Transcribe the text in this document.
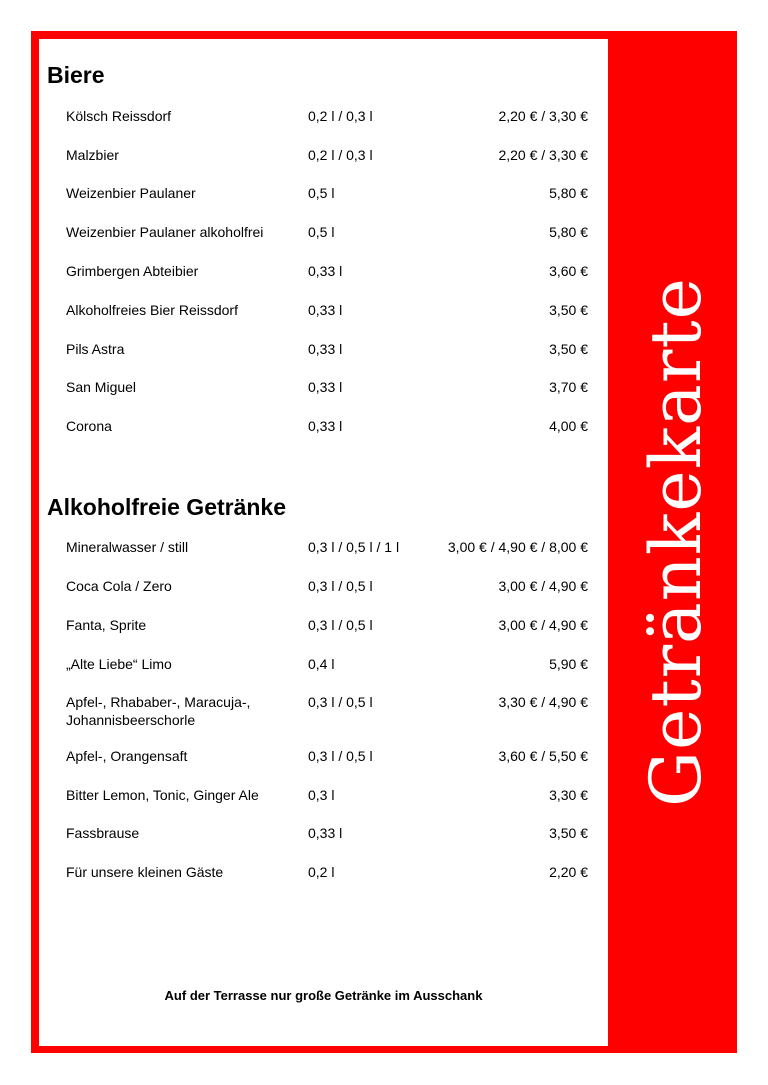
Getränkekarte
Biere
Kölsch Reissdorf	0,2 l / 0,3 l	2,20 € / 3,30 €
Malzbier	0,2 l / 0,3 l	2,20 € / 3,30 €
Weizenbier Paulaner	0,5 l	5,80 €
Weizenbier Paulaner alkoholfrei	0,5 l	5,80 €
Grimbergen Abteibier	0,33 l	3,60 €
Alkoholfreies Bier Reissdorf	0,33 l	3,50 €
Pils Astra	0,33 l	3,50 €
San Miguel	0,33 l	3,70 €
Corona	0,33 l	4,00 €
Alkoholfreie Getränke
Mineralwasser / still	0,3 l / 0,5 l / 1 l	3,00 € / 4,90 € / 8,00 €
Coca Cola / Zero	0,3 l / 0,5 l	3,00 € / 4,90 €
Fanta, Sprite	0,3 l / 0,5 l	3,00 € / 4,90 €
„Alte Liebe“ Limo	0,4 l	5,90 €
Apfel-, Rhababer-, Maracuja-, Johannisbeerschorle
0,3 l / 0,5 l	3,30 € / 4,90 €
Apfel-, Orangensaft	0,3 l / 0,5 l	3,60 € / 5,50 €
Bitter Lemon, Tonic, Ginger Ale	0,3 l	3,30 €
Fassbrause	0,33 l	3,50 €
Für unsere kleinen Gäste	0,2 l	2,20 €
Auf der Terrasse nur große Getränke im Ausschank
